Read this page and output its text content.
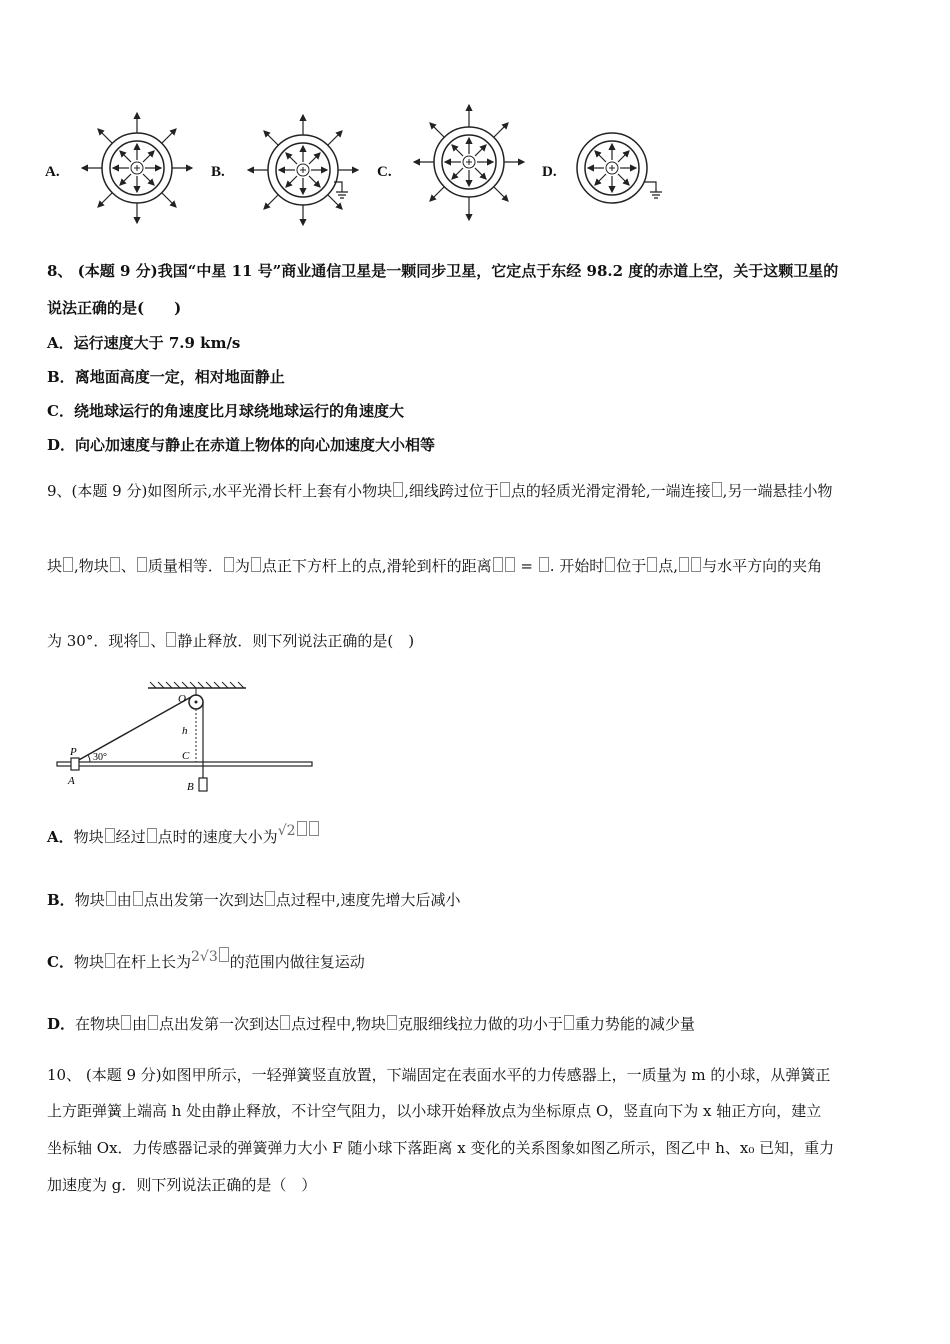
A.	B.	C.	D.
8、 (本题 9 分)我国“中星 11 号”商业通信卫星是一颗同步卫星，它定点于东经 98.2 度的赤道上空，关于这颗卫星的
说法正确的是(　　)
A．运行速度大于 7.9 km/s
B．离地面高度一定，相对地面静止
C．绕地球运行的角速度比月球绕地球运行的角速度大
D．向心加速度与静止在赤道上物体的向心加速度大小相等
9、(本题 9 分)如图所示,水平光滑长杆上套有小物块 ,细线跨过位于 点的轻质光滑定滑轮,一端连接 ,另一端悬挂小物
块 ,物块 、 质量相等． 为 点正下方杆上的点,滑轮到杆的距离 = . 开始时 位于 点, 与水平方向的夹角
为 30°．现将 、 静止释放．则下列说法正确的是(　)
O
h
C
P
A	B
30°
A．物块 经过 点时的速度大小为√2
B．物块 由 点出发第一次到达 点过程中,速度先增大后减小
C．物块 在杆上长为2√3 的范围内做往复运动
D．在物块 由 点出发第一次到达 点过程中,物块 克服细线拉力做的功小于 重力势能的减少量
10、 (本题 9 分)如图甲所示，一轻弹簧竖直放置，下端固定在表面水平的力传感器上，一质量为 m 的小球，从弹簧正
上方距弹簧上端高 h 处由静止释放，不计空气阻力，以小球开始释放点为坐标原点 O，竖直向下为 x 轴正方向，建立
坐标轴 Ox．力传感器记录的弹簧弹力大小 F 随小球下落距离 x 变化的关系图象如图乙所示，图乙中 h、x₀ 已知，重力
加速度为 g．则下列说法正确的是（　）
